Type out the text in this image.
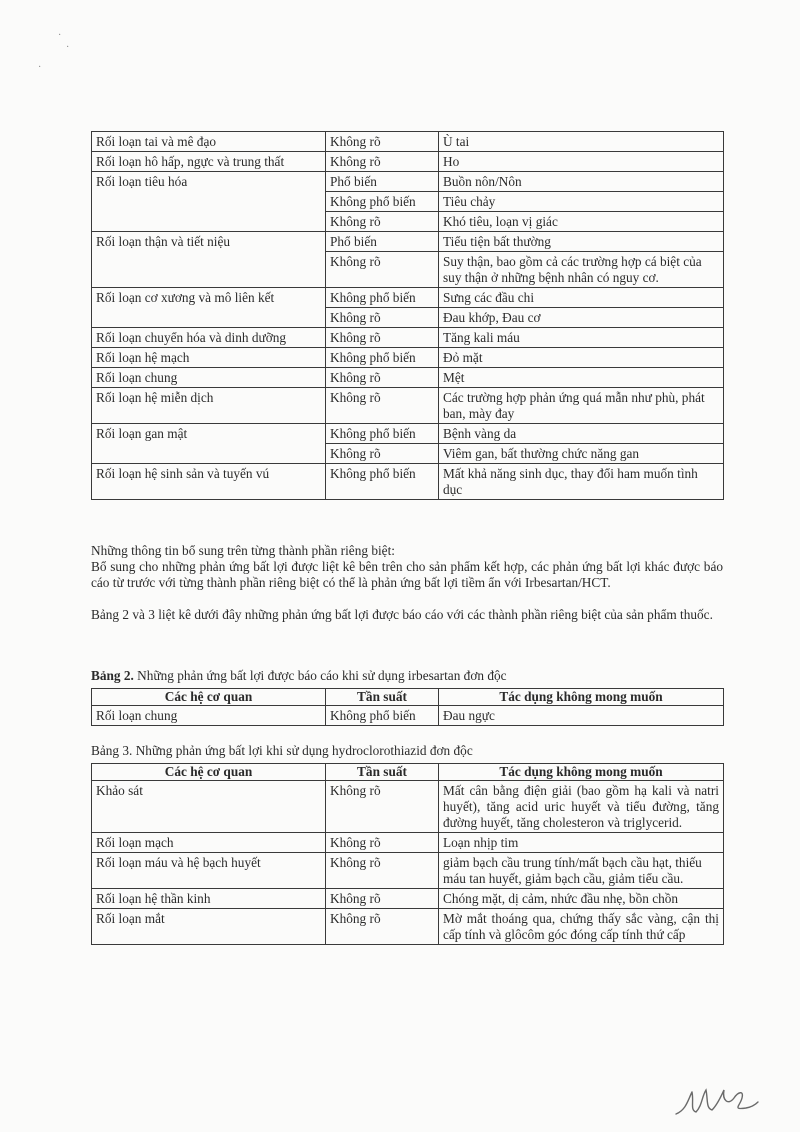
·
·
·
Rối loạn tai và mê đạo	Không rõ	Ù tai
Rối loạn hô hấp, ngực và trung thất	Không rõ	Ho
Rối loạn tiêu hóa	Phổ biến	Buồn nôn/Nôn
	Không phổ biến	Tiêu chảy
	Không rõ	Khó tiêu, loạn vị giác
Rối loạn thận và tiết niệu	Phổ biến	Tiểu tiện bất thường
	Không rõ	Suy thận, bao gồm cả các trường hợp cá biệt của suy thận ở những bệnh nhân có nguy cơ.
Rối loạn cơ xương và mô liên kết	Không phổ biến	Sưng các đầu chi
	Không rõ	Đau khớp, Đau cơ
Rối loạn chuyển hóa và dinh dưỡng	Không rõ	Tăng kali máu
Rối loạn hệ mạch	Không phổ biến	Đỏ mặt
Rối loạn chung	Không rõ	Mệt
Rối loạn hệ miễn dịch	Không rõ	Các trường hợp phản ứng quá mẫn như phù, phát ban, mày đay
Rối loạn gan mật	Không phổ biến	Bệnh vàng da
	Không rõ	Viêm gan, bất thường chức năng gan
Rối loạn hệ sinh sản và tuyến vú	Không phổ biến	Mất khả năng sinh dục, thay đổi ham muốn tình dục
Những thông tin bổ sung trên từng thành phần riêng biệt:
Bổ sung cho những phản ứng bất lợi được liệt kê bên trên cho sản phẩm kết hợp, các phản ứng bất lợi khác được báo cáo từ trước với từng thành phần riêng biệt có thể là phản ứng bất lợi tiềm ẩn với Irbesartan/HCT.
Bảng 2 và 3 liệt kê dưới đây những phản ứng bất lợi được báo cáo với các thành phần riêng biệt của sản phẩm thuốc.
Bảng 2. Những phản ứng bất lợi được báo cáo khi sử dụng irbesartan đơn độc
Các hệ cơ quan	Tần suất	Tác dụng không mong muốn
Rối loạn chung	Không phổ biến	Đau ngực
Bảng 3. Những phản ứng bất lợi khi sử dụng hydroclorothiazid đơn độc
Các hệ cơ quan	Tần suất	Tác dụng không mong muốn
Khảo sát	Không rõ	Mất cân bằng điện giải (bao gồm hạ kali và natri huyết), tăng acid uric huyết và tiểu đường, tăng đường huyết, tăng cholesteron và triglycerid.
Rối loạn mạch	Không rõ	Loạn nhịp tim
Rối loạn máu và hệ bạch huyết	Không rõ	giảm bạch cầu trung tính/mất bạch cầu hạt, thiếu máu tan huyết, giảm bạch cầu, giảm tiểu cầu.
Rối loạn hệ thần kinh	Không rõ	Chóng mặt, dị cảm, nhức đầu nhẹ, bồn chồn
Rối loạn mắt	Không rõ	Mờ mắt thoáng qua, chứng thấy sắc vàng, cận thị cấp tính và glôcôm góc đóng cấp tính thứ cấp
